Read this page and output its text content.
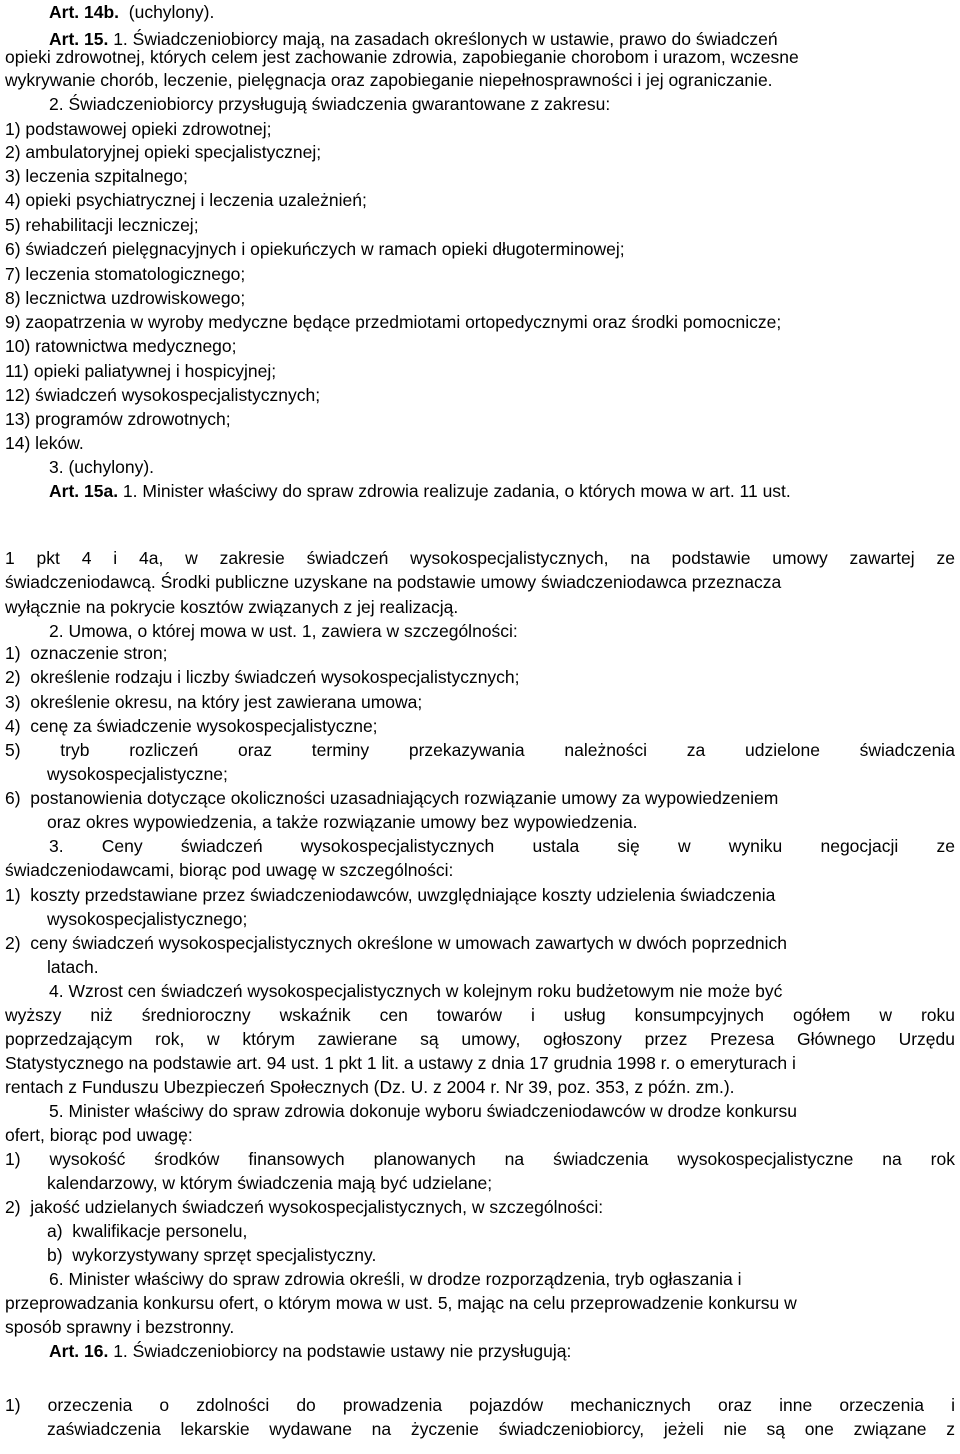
Art. 14b.  (uchylony).
Art. 15. 1. Świadczeniobiorcy mają, na zasadach określonych w ustawie, prawo do świadczeń
opieki zdrowotnej, których celem jest zachowanie zdrowia, zapobieganie chorobom i urazom, wczesne
wykrywanie chorób, leczenie, pielęgnacja oraz zapobieganie niepełnosprawności i jej ograniczanie.
2. Świadczeniobiorcy przysługują świadczenia gwarantowane z zakresu:
1) podstawowej opieki zdrowotnej;
2) ambulatoryjnej opieki specjalistycznej;
3) leczenia szpitalnego;
4) opieki psychiatrycznej i leczenia uzależnień;
5) rehabilitacji leczniczej;
6) świadczeń pielęgnacyjnych i opiekuńczych w ramach opieki długoterminowej;
7) leczenia stomatologicznego;
8) lecznictwa uzdrowiskowego;
9) zaopatrzenia w wyroby medyczne będące przedmiotami ortopedycznymi oraz środki pomocnicze;
10) ratownictwa medycznego;
11) opieki paliatywnej i hospicyjnej;
12) świadczeń wysokospecjalistycznych;
13) programów zdrowotnych;
14) leków.
3. (uchylony).
Art. 15a. 1. Minister właściwy do spraw zdrowia realizuje zadania, o których mowa w art. 11 ust.
1 pkt 4 i 4a, w zakresie świadczeń wysokospecjalistycznych, na podstawie umowy zawartej ze
świadczeniodawcą. Środki publiczne uzyskane na podstawie umowy świadczeniodawca przeznacza
wyłącznie na pokrycie kosztów związanych z jej realizacją.
2. Umowa, o której mowa w ust. 1, zawiera w szczególności:
1)  oznaczenie stron;
2)  określenie rodzaju i liczby świadczeń wysokospecjalistycznych;
3)  określenie okresu, na który jest zawierana umowa;
4)  cenę za świadczenie wysokospecjalistyczne;
5) tryb rozliczeń oraz terminy przekazywania należności za udzielone świadczenia
wysokospecjalistyczne;
6)  postanowienia dotyczące okoliczności uzasadniających rozwiązanie umowy za wypowiedzeniem
oraz okres wypowiedzenia, a także rozwiązanie umowy bez wypowiedzenia.
3. Ceny świadczeń wysokospecjalistycznych ustala się w wyniku negocjacji ze
świadczeniodawcami, biorąc pod uwagę w szczególności:
1)  koszty przedstawiane przez świadczeniodawców, uwzględniające koszty udzielenia świadczenia
wysokospecjalistycznego;
2)  ceny świadczeń wysokospecjalistycznych określone w umowach zawartych w dwóch poprzednich
latach.
4. Wzrost cen świadczeń wysokospecjalistycznych w kolejnym roku budżetowym nie może być
wyższy niż średnioroczny wskaźnik cen towarów i usług konsumpcyjnych ogółem w roku
poprzedzającym rok, w którym zawierane są umowy, ogłoszony przez Prezesa Głównego Urzędu
Statystycznego na podstawie art. 94 ust. 1 pkt 1 lit. a ustawy z dnia 17 grudnia 1998 r. o emeryturach i
rentach z Funduszu Ubezpieczeń Społecznych (Dz. U. z 2004 r. Nr 39, poz. 353, z późn. zm.).
5. Minister właściwy do spraw zdrowia dokonuje wyboru świadczeniodawców w drodze konkursu
ofert, biorąc pod uwagę:
1) wysokość środków finansowych planowanych na świadczenia wysokospecjalistyczne na rok
kalendarzowy, w którym świadczenia mają być udzielane;
2)  jakość udzielanych świadczeń wysokospecjalistycznych, w szczególności:
a)  kwalifikacje personelu,
b)  wykorzystywany sprzęt specjalistyczny.
6. Minister właściwy do spraw zdrowia określi, w drodze rozporządzenia, tryb ogłaszania i
przeprowadzania konkursu ofert, o którym mowa w ust. 5, mając na celu przeprowadzenie konkursu w
sposób sprawny i bezstronny.
Art. 16. 1. Świadczeniobiorcy na podstawie ustawy nie przysługują:
1) orzeczenia o zdolności do prowadzenia pojazdów mechanicznych oraz inne orzeczenia i
zaświadczenia lekarskie wydawane na życzenie świadczeniobiorcy, jeżeli nie są one związane z
